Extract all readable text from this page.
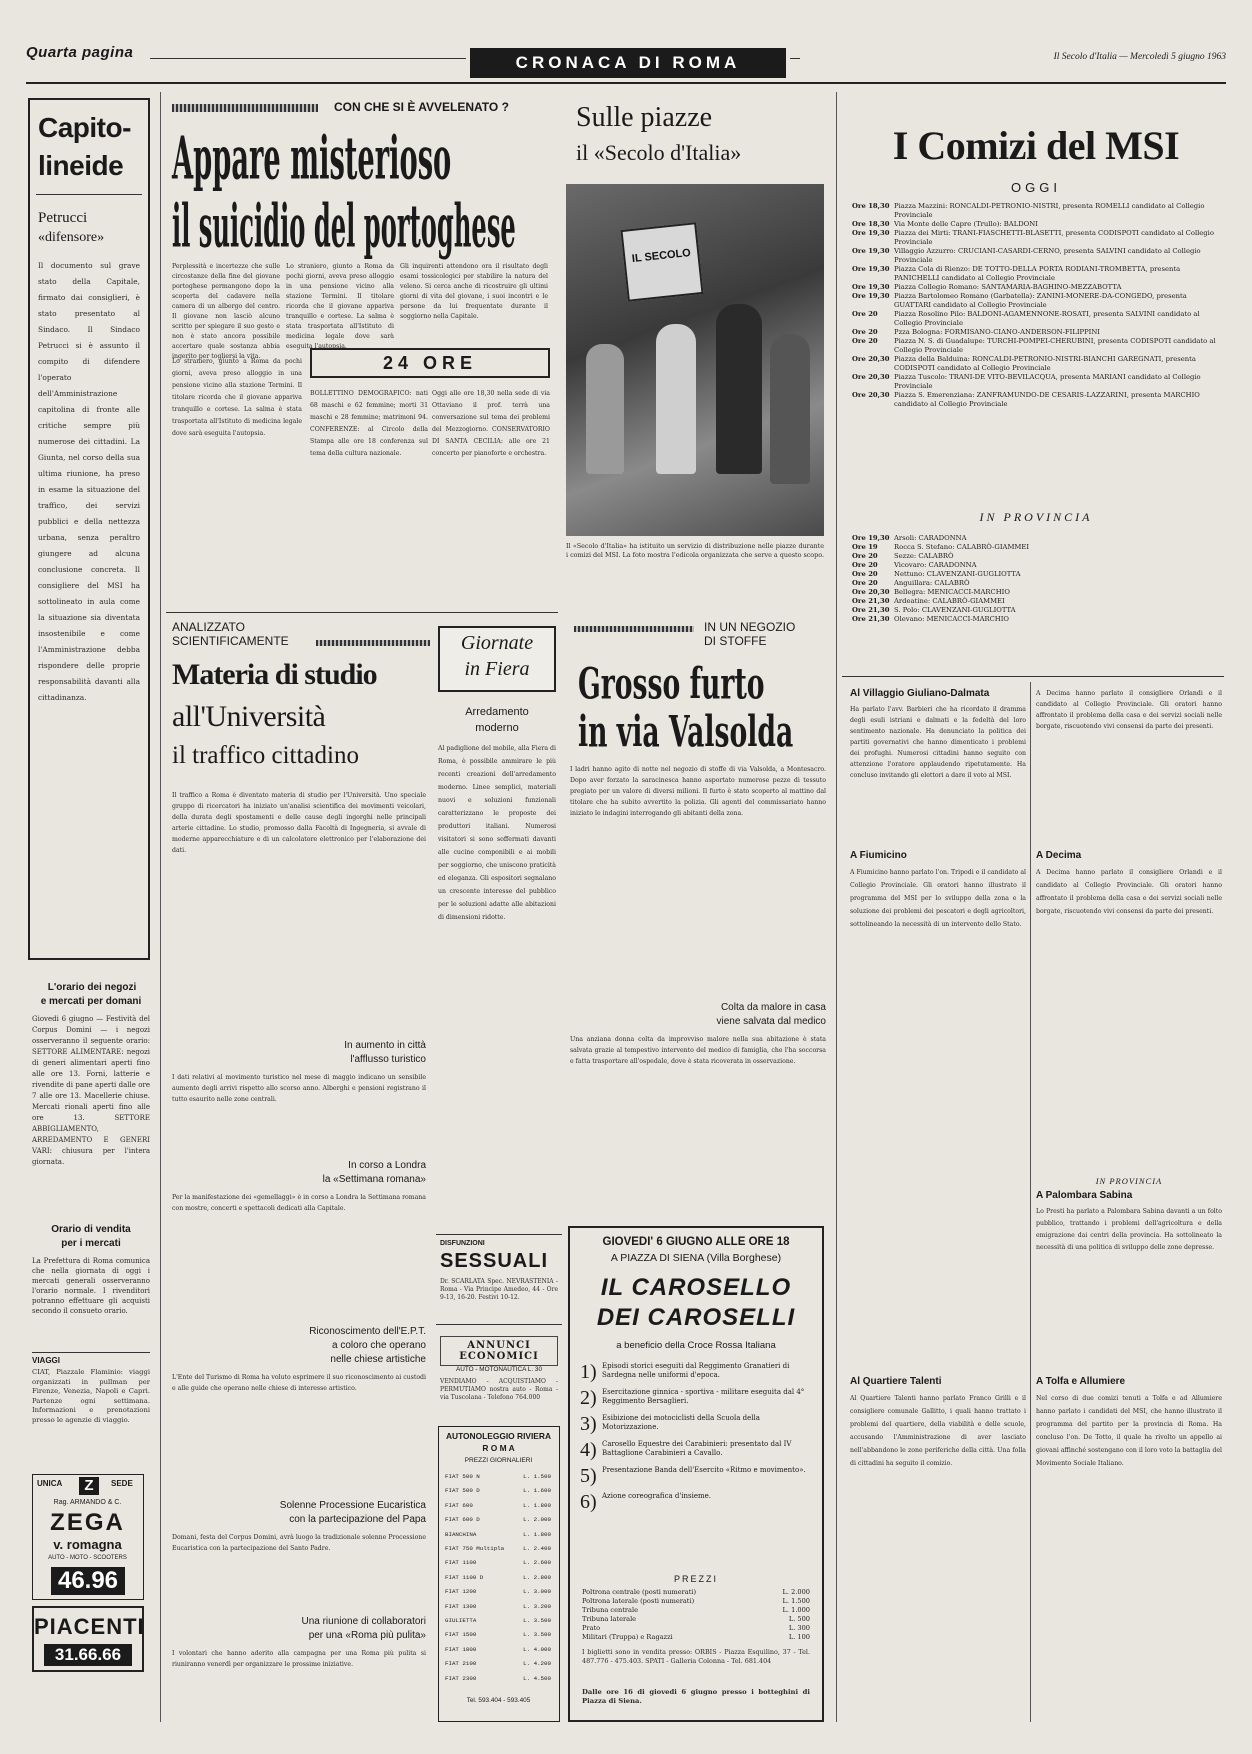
Quarta pagina
CRONACA DI ROMA	Il Secolo d'Italia — Mercoledì 5 giugno 1963
Capito-
lineide
Petrucci
«difensore»
Il documento sul grave stato della Capitale, firmato dai consiglieri, è stato presentato al Sindaco. Il Sindaco Petrucci si è assunto il compito di difendere l'operato dell'Amministrazione capitolina di fronte alle critiche sempre più numerose dei cittadini. La Giunta, nel corso della sua ultima riunione, ha preso in esame la situazione del traffico, dei servizi pubblici e della nettezza urbana, senza peraltro giungere ad alcuna conclusione concreta. Il consigliere del MSI ha sottolineato in aula come la situazione sia diventata insostenibile e come l'Amministrazione debba rispondere delle proprie responsabilità davanti alla cittadinanza.
L'orario dei negozi
e mercati per domani
Giovedi 6 giugno — Festività del Corpus Domini — i negozi osserveranno il seguente orario: SETTORE ALIMENTARE: negozi di generi alimentari aperti fino alle ore 13. Forni, latterie e rivendite di pane aperti dalle ore 7 alle ore 13. Macellerie chiuse. Mercati rionali aperti fino alle ore 13. SETTORE ABBIGLIAMENTO, ARREDAMENTO E GENERI VARI: chiusura per l'intera giornata.
Orario di vendita
per i mercati
La Prefettura di Roma comunica che nella giornata di oggi i mercati generali osserveranno l'orario normale. I rivenditori potranno effettuare gli acquisti secondo il consueto orario.
VIAGGI
CIAT, Piazzale Flaminio: viaggi organizzati in pullman per Firenze, Venezia, Napoli e Capri. Partenze ogni settimana. Informazioni e prenotazioni presso le agenzie di viaggio.
UNICA	Z	SEDE
Rag. ARMANDO & C.
ZEGA
v. romagna
AUTO - MOTO - SCOOTERS
46.96
PIACENTI
31.66.66
CON CHE SI È AVVELENATO ?
Appare misterioso
il suicidio del portoghese
Perplessità e incertezze che sulle circostanze della fine del giovane portoghese permangono dopo la scoperta del cadavere nella camera di un albergo del centro. Il giovane non lasciò alcuno scritto per spiegare il suo gesto e non è stato ancora possibile accertare quale sostanza abbia ingerito per togliersi la vita.
Lo straniero, giunto a Roma da pochi giorni, aveva preso alloggio in una pensione vicino alla stazione Termini. Il titolare ricorda che il giovane appariva tranquillo e cortese. La salma è stata trasportata all'Istituto di medicina legale dove sarà eseguita l'autopsia.
Gli inquirenti attendono ora il risultato degli esami tossicologici per stabilire la natura del veleno. Si cerca anche di ricostruire gli ultimi giorni di vita del giovane, i suoi incontri e le persone da lui frequentate durante il soggiorno nella Capitale.
24 ORE
Lo straniero, giunto a Roma da pochi giorni, aveva preso alloggio in una pensione vicino alla stazione Termini. Il titolare ricorda che il giovane appariva tranquillo e cortese. La salma è stata trasportata all'Istituto di medicina legale dove sarà eseguita l'autopsia.
BOLLETTINO DEMOGRAFICO: nati 68 maschi e 62 femmine; morti 31 maschi e 28 femmine; matrimoni 94. CONFERENZE: al Circolo della Stampa alle ore 18 conferenza sul tema della cultura nazionale.
Oggi alle ore 18,30 nella sede di via Ottaviano il prof. terrà una conversazione sul tema dei problemi del Mezzogiorno. CONSERVATORIO DI SANTA CECILIA: alle ore 21 concerto per pianoforte e orchestra.
Sulle piazze
il «Secolo d'Italia»
IL SECOLO
Il «Secolo d'Italia» ha istituito un servizio di distribuzione nelle piazze durante i comizi del MSI. La foto mostra l'edicola organizzata che serve a questo scopo.
I Comizi del MSI
OGGI
Ore 18,30 Piazza Mazzini: RONCALDI-PETRONIO-NISTRI, presenta ROMELLI candidato al Collegio Provinciale
Ore 18,30 Via Monte delle Capre (Trullo): BALDONI
Ore 19,30 Piazza dei Mirti: TRANI-FIASCHETTI-BLASETTI, presenta CODISPOTI candidato al Collegio Provinciale
Ore 19,30 Villaggio Azzurro: CRUCIANI-CASARDI-CERNO, presenta SALVINI candidato al Collegio Provinciale
Ore 19,30 Piazza Cola di Rienzo: DE TOTTO-DELLA PORTA RODIANI-TROMBETTA, presenta PANICHELLI candidato al Collegio Provinciale
Ore 19,30 Piazza Collegio Romano: SANTAMARIA-BAGHINO-MEZZABOTTA
Ore 19,30 Piazza Bartolomeo Romano (Garbatella): ZANINI-MONERE-DA-CONGEDO, presenta GUATTARI candidato al Collegio Provinciale
Ore 20	Piazza Rosolino Pilo: BALDONI-AGAMENNONE-ROSATI, presenta SALVINI candidato al Collegio Provinciale
Ore 20	Pzza Bologna: FORMISANO-CIANO-ANDERSON-FILIPPINI
Ore 20	Piazza N. S. di Guadalupe: TURCHI-POMPEI-CHERUBINI, presenta CODISPOTI candidato al Collegio Provinciale
Ore 20,30 Piazza della Balduina: RONCALDI-PETRONIO-NISTRI-BIANCHI GAREGNATI, presenta CODISPOTI candidato al Collegio Provinciale
Ore 20,30 Piazza Tuscolo: TRANI-DE VITO-BEVILACQUA, presenta MARIANI candidato al Collegio Provinciale
Ore 20,30 Piazza S. Emerenziana: ZANFRAMUNDO-DE CESARIS-LAZZARINI, presenta MARCHIO candidato al Collegio Provinciale
IN PROVINCIA
Ore 19,30 Arsoli: CARADONNA
Ore 19	Rocca S. Stefano: CALABRÒ-GIAMMEI
Ore 20	Sezze: CALABRÒ
Ore 20	Vicovaro: CARADONNA
Ore 20	Nettuno: CLAVENZANI-GUGLIOTTA
Ore 20	Anguillara: CALABRÒ
Ore 20,30 Bellegra: MENICACCI-MARCHIO
Ore 21,30 Ardeatine: CALABRÒ-GIAMMEI
Ore 21,30 S. Polo: CLAVENZANI-GUGLIOTTA
Ore 21,30 Olevano: MENICACCI-MARCHIO
ANALIZZATO
SCIENTIFICAMENTE
Materia di studio
all'Università
il traffico cittadino
Il traffico a Roma è diventato materia di studio per l'Università. Uno speciale gruppo di ricercatori ha iniziato un'analisi scientifica dei movimenti veicolari, della durata degli spostamenti e delle cause degli ingorghi nelle principali arterie cittadine. Lo studio, promosso dalla Facoltà di Ingegneria, si avvale di moderne apparecchiature e di un calcolatore elettronico per l'elaborazione dei dati.
In aumento in città
l'afflusso turistico
I dati relativi al movimento turistico nel mese di maggio indicano un sensibile aumento degli arrivi rispetto allo scorso anno. Alberghi e pensioni registrano il tutto esaurito nelle zone centrali.
In corso a Londra
la «Settimana romana»
Per la manifestazione dei «gemellaggi» è in corso a Londra la Settimana romana con mostre, concerti e spettacoli dedicati alla Capitale.
Riconoscimento dell'E.P.T.
a coloro che operano
nelle chiese artistiche
L'Ente del Turismo di Roma ha voluto esprimere il suo riconoscimento ai custodi e alle guide che operano nelle chiese di interesse artistico.
Solenne Processione Eucaristica
con la partecipazione del Papa
Domani, festa del Corpus Domini, avrà luogo la tradizionale solenne Processione Eucaristica con la partecipazione del Santo Padre.
Una riunione di collaboratori
per una «Roma più pulita»
I volontari che hanno aderito alla campagna per una Roma più pulita si riuniranno venerdì per organizzare le prossime iniziative.
Giornate
in Fiera
Arredamento
moderno
Al padiglione del mobile, alla Fiera di Roma, è possibile ammirare le più recenti creazioni dell'arredamento moderno. Linee semplici, materiali nuovi e soluzioni funzionali caratterizzano le proposte dei produttori italiani. Numerosi visitatori si sono soffermati davanti alle cucine componibili e ai mobili per soggiorno, che uniscono praticità ed eleganza. Gli espositori segnalano un crescente interesse del pubblico per le soluzioni adatte alle abitazioni di dimensioni ridotte.
IN UN NEGOZIO
DI STOFFE
Grosso furto
in via Valsolda
I ladri hanno agito di notte nel negozio di stoffe di via Valsolda, a Montesacro. Dopo aver forzato la saracinesca hanno asportato numerose pezze di tessuto pregiato per un valore di diversi milioni. Il furto è stato scoperto al mattino dal titolare che ha subito avvertito la polizia. Gli agenti del commissariato hanno iniziato le indagini interrogando gli abitanti della zona.
Colta da malore in casa
viene salvata dal medico
Una anziana donna colta da improvviso malore nella sua abitazione è stata salvata grazie al tempestivo intervento del medico di famiglia, che l'ha soccorsa e fatta trasportare all'ospedale, dove è stata ricoverata in osservazione.
DISFUNZIONI
SESSUALI
Dr. SCARLATA Spec. NEVRASTENIA - Roma - Via Principe Amedeo, 44 - Ore 9-13, 16-20. Festivi 10-12.
ANNUNCI ECONOMICI
AUTO - MOTONAUTICA L. 30
VENDIAMO - ACQUISTIAMO - PERMUTIAMO nostra auto - Roma - via Tuscolana - Telefono 764.000
AUTONOLEGGIO RIVIERA
R O M A
PREZZI GIORNALIERI
FIAT 500 N	L. 1.500
FIAT 500 D	L. 1.600
FIAT 600	L. 1.800
FIAT 600 D	L. 2.000
BIANCHINA	L. 1.800
FIAT 750 Multipla	L. 2.400
FIAT 1100	L. 2.600
FIAT 1100 D	L. 2.800
FIAT 1200	L. 3.000
FIAT 1300	L. 3.200
GIULIETTA	L. 3.500
FIAT 1500	L. 3.500
FIAT 1800	L. 4.000
FIAT 2100	L. 4.200
FIAT 2300	L. 4.500
Tel. 593.404 - 593.405
GIOVEDI' 6 GIUGNO ALLE ORE 18
A PIAZZA DI SIENA (Villa Borghese)
IL CAROSELLO
DEI CAROSELLI
a beneficio della Croce Rossa Italiana
1) Episodi storici eseguiti dal Reggimento Granatieri di Sardegna nelle uniformi d'epoca.
2) Esercitazione ginnica - sportiva - militare eseguita dal 4° Reggimento Bersaglieri.
3) Esibizione dei motociclisti della Scuola della Motorizzazione.
4) Carosello Equestre dei Carabinieri: presentato dal IV Battaglione Carabinieri a Cavallo.
5) Presentazione Banda dell'Esercito «Ritmo e movimento».
6) Azione coreografica d'insieme.
PREZZI
Poltrona centrale (posti numerati)	L. 2.000
Poltrona laterale (posti numerati)	L. 1.500
Tribuna centrale	L. 1.000
Tribuna laterale	L. 500
Prato	L. 300
Militari (Truppa) e Ragazzi	L. 100
I biglietti sono in vendita presso: ORBIS - Piazza Esquilino, 37 - Tel. 487.776 - 475.403. SPATI - Galleria Colonna - Tel. 681.404
Dalle ore 16 di giovedi 6 giugno presso i botteghini di Piazza di Siena.
Al Villaggio Giuliano-Dalmata
Ha parlato l'avv. Barbieri che ha ricordato il dramma degli esuli istriani e dalmati e la fedeltà del loro sentimento nazionale. Ha denunciato la politica dei partiti governativi che hanno dimenticato i problemi dei profughi. Numerosi cittadini hanno seguito con attenzione l'oratore applaudendo ripetutamente. Ha concluso invitando gli elettori a dare il voto al MSI.
A Decima hanno parlato il consigliere Orlandi e il candidato al Collegio Provinciale. Gli oratori hanno affrontato il problema della casa e dei servizi sociali nelle borgate, riscuotendo vivi consensi da parte dei presenti.
A Fiumicino
A Fiumicino hanno parlato l'on. Tripodi e il candidato al Collegio Provinciale. Gli oratori hanno illustrato il programma del MSI per lo sviluppo della zona e la soluzione dei problemi dei pescatori e degli agricoltori, sottolineando la necessità di un intervento dello Stato.
A Decima
A Decima hanno parlato il consigliere Orlandi e il candidato al Collegio Provinciale. Gli oratori hanno affrontato il problema della casa e dei servizi sociali nelle borgate, riscuotendo vivi consensi da parte dei presenti.
IN PROVINCIA
A Palombara Sabina
Lo Presti ha parlato a Palombara Sabina davanti a un folto pubblico, trattando i problemi dell'agricoltura e della emigrazione dai centri della provincia. Ha sottolineato la necessità di una politica di sviluppo delle zone depresse.
Al Quartiere Talenti
Al Quartiere Talenti hanno parlato Franco Grilli e il consigliere comunale Gallitto, i quali hanno trattato i problemi del quartiere, della viabilità e delle scuole, accusando l'Amministrazione di aver lasciato nell'abbandono le zone periferiche della città. Una folla di cittadini ha seguito il comizio.
A Tolfa e Allumiere
Nel corso di due comizi tenuti a Tolfa e ad Allumiere hanno parlato i candidati del MSI, che hanno illustrato il programma del partito per la provincia di Roma. Ha concluso l'on. De Totto, il quale ha rivolto un appello ai giovani affinché sostengano con il loro voto la battaglia del Movimento Sociale Italiano.
